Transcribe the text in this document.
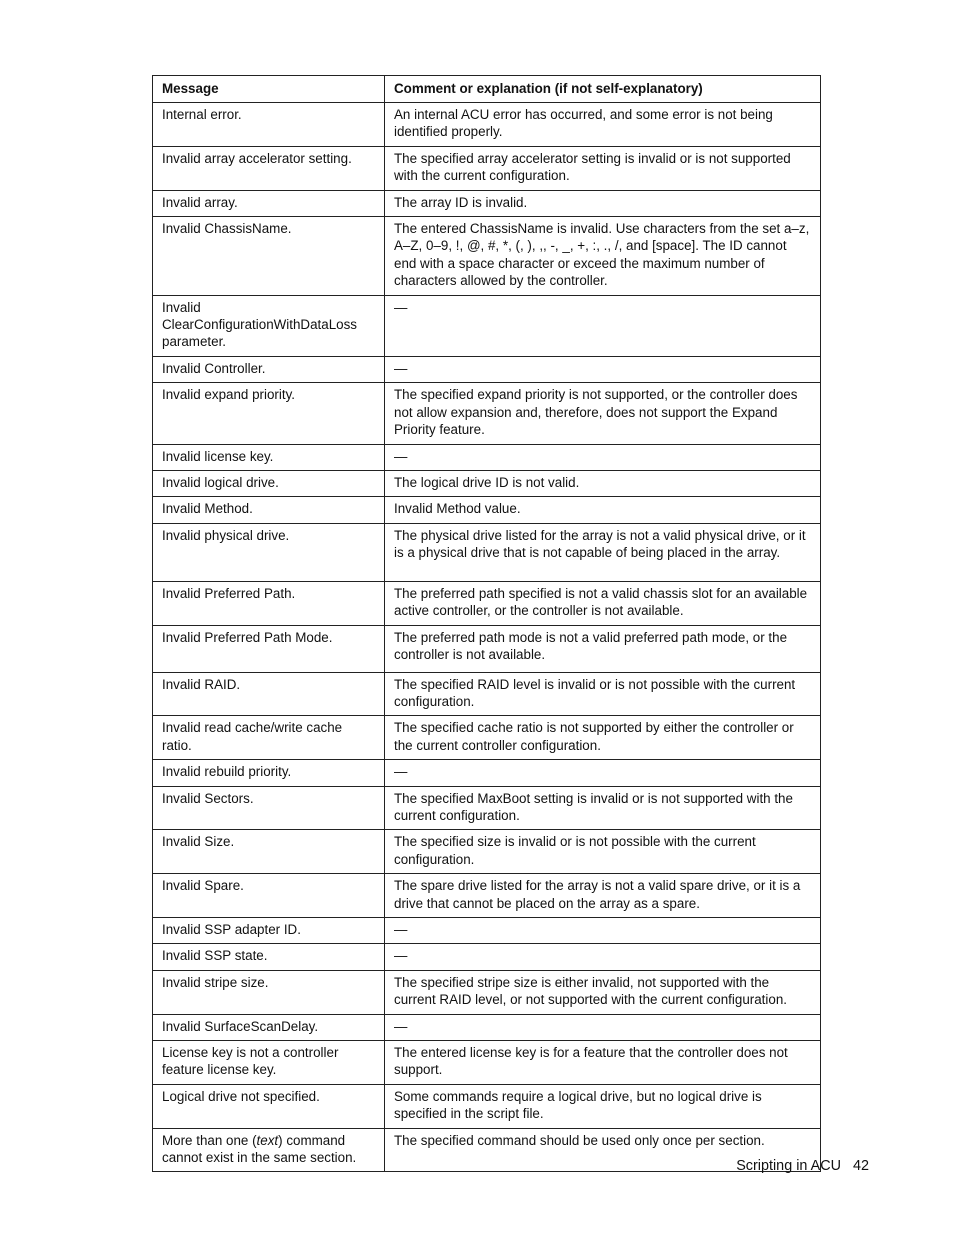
Message	Comment or explanation (if not self-explanatory)
Internal error.	An internal ACU error has occurred, and some error is not being identified properly.
Invalid array accelerator setting.	The specified array accelerator setting is invalid or is not supported with the current configuration.
Invalid array.	The array ID is invalid.
Invalid ChassisName.	The entered ChassisName is invalid. Use characters from the set a–z, A–Z, 0–9, !, @, #, *, (, ), ,, -, _, +, :, ., /, and [space]. The ID cannot end with a space character or exceed the maximum number of characters allowed by the controller.
Invalid ClearConfigurationWithDataLoss parameter.	—
Invalid Controller.	—
Invalid expand priority.	The specified expand priority is not supported, or the controller does not allow expansion and, therefore, does not support the Expand Priority feature.
Invalid license key.	—
Invalid logical drive.	The logical drive ID is not valid.
Invalid Method.	Invalid Method value.
Invalid physical drive.	The physical drive listed for the array is not a valid physical drive, or it is a physical drive that is not capable of being placed in the array.
Invalid Preferred Path.	The preferred path specified is not a valid chassis slot for an available active controller, or the controller is not available.
Invalid Preferred Path Mode.	The preferred path mode is not a valid preferred path mode, or the controller is not available.
Invalid RAID.	The specified RAID level is invalid or is not possible with the current configuration.
Invalid read cache/write cache ratio.	The specified cache ratio is not supported by either the controller or the current controller configuration.
Invalid rebuild priority.	—
Invalid Sectors.	The specified MaxBoot setting is invalid or is not supported with the current configuration.
Invalid Size.	The specified size is invalid or is not possible with the current configuration.
Invalid Spare.	The spare drive listed for the array is not a valid spare drive, or it is a drive that cannot be placed on the array as a spare.
Invalid SSP adapter ID.	—
Invalid SSP state.	—
Invalid stripe size.	The specified stripe size is either invalid, not supported with the current RAID level, or not supported with the current configuration.
Invalid SurfaceScanDelay.	—
License key is not a controller feature license key.	The entered license key is for a feature that the controller does not support.
Logical drive not specified.	Some commands require a logical drive, but no logical drive is specified in the script file.
More than one (text) command cannot exist in the same section.	The specified command should be used only once per section.
Scripting in ACU 42
